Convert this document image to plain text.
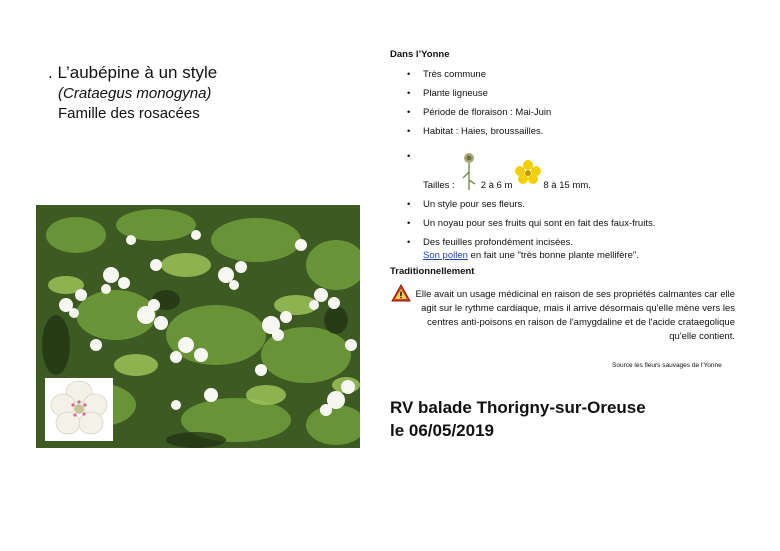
. L’aubépine à un style
(Crataegus monogyna)
Famille des rosacées
Dans l’Yonne
• Très commune
• Plante ligneuse
• Période de floraison : Mai-Juin
• Habitat : Haies, broussailles.
• Tailles :	2 à 6 m	8 à 15 mm.
• Un style pour ses fleurs.
• Un noyau pour ses fruits qui sont en fait des faux-fruits.
• Des feuilles profondément incisées.
Son pollen en fait une "très bonne plante mellifère".
Traditionnellement

Elle avait un usage médicinal en raison de ses propriétés calmantes car elle agit sur le rythme cardiaque, mais il arrive désormais qu'elle mène vers les centres anti-poisons en raison de l'amygdaline et de l'acide crataegolique qu'elle contient.

Source les fleurs sauvages de l'Yonne
RV balade Thorigny-sur-Oreuse
le 06/05/2019
